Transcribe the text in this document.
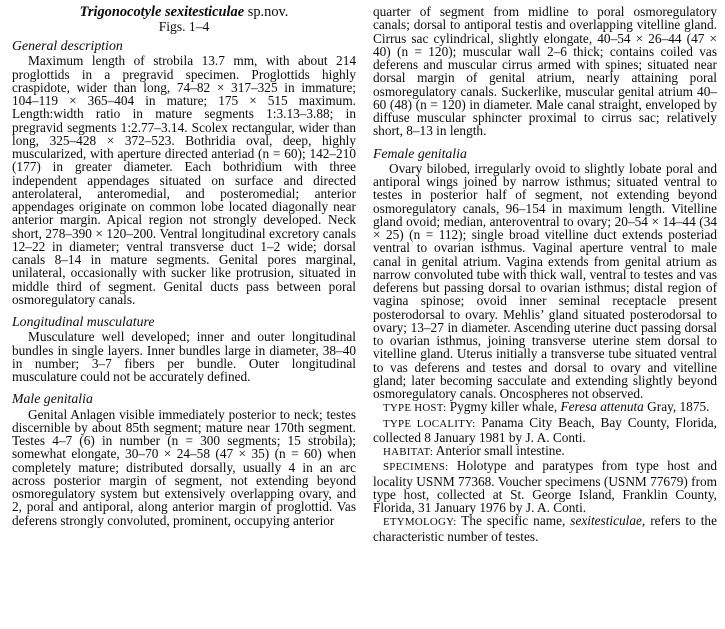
Trigonocotyle sexitesticulae sp.nov.
Figs. 1–4
General description

Maximum length of strobila 13.7 mm, with about 214 proglottids in a pregravid specimen. Proglottids highly craspidote, wider than long, 74–82 × 317–325 in immature; 104–119 × 365–404 in mature; 175 × 515 maximum. Length:width ratio in mature segments 1:3.13–3.88; in pregravid segments 1:2.77–3.14. Scolex rectangular, wider than long, 325–428 × 372–523. Bothridia oval, deep, highly muscularized, with aperture directed anteriad (n = 60); 142–210 (177) in greater diameter. Each bothridium with three independent appendages situated on surface and directed anterolateral, anteromedial, and posteromedial; anterior appendages originate on common lobe located diagonally near anterior margin. Apical region not strongly developed. Neck short, 278–390 × 120–200. Ventral longitudinal excretory canals 12–22 in diameter; ventral transverse duct 1–2 wide; dorsal canals 8–14 in mature segments. Genital pores marginal, unilateral, occasionally with sucker like protrusion, situated in middle third of segment. Genital ducts pass between poral osmoregulatory canals.

Longitudinal musculature

Musculature well developed; inner and outer longitudinal bundles in single layers. Inner bundles large in diameter, 38–40 in number; 3–7 fibers per bundle. Outer longitudinal musculature could not be accurately defined.

Male genitalia

Genital Anlagen visible immediately posterior to neck; testes discernible by about 85th segment; mature near 170th segment. Testes 4–7 (6) in number (n = 300 segments; 15 strobila); somewhat elongate, 30–70 × 24–58 (47 × 35) (n = 60) when completely mature; distributed dorsally, usually 4 in an arc across posterior margin of segment, not extending beyond osmoregulatory system but extensively overlapping ovary, and 2, poral and antiporal, along anterior margin of proglottid. Vas deferens strongly convoluted, prominent, occupying anterior

quarter of segment from midline to poral osmoregulatory canals; dorsal to antiporal testis and overlapping vitelline gland. Cirrus sac cylindrical, slightly elongate, 40–54 × 26–44 (47 × 40) (n = 120); muscular wall 2–6 thick; contains coiled vas deferens and muscular cirrus armed with spines; situated near dorsal margin of genital atrium, nearly attaining poral osmoregulatory canals. Suckerlike, muscular genital atrium 40–60 (48) (n = 120) in diameter. Male canal straight, enveloped by diffuse muscular sphincter proximal to cirrus sac; relatively short, 8–13 in length.

Female genitalia

Ovary bilobed, irregularly ovoid to slightly lobate poral and antiporal wings joined by narrow isthmus; situated ventral to testes in posterior half of segment, not extending beyond osmoregulatory canals, 96–154 in maximum length. Vitelline gland ovoid; median, anteroventral to ovary; 20–54 × 14–44 (34 × 25) (n = 112); single broad vitelline duct extends posteriad ventral to ovarian isthmus. Vaginal aperture ventral to male canal in genital atrium. Vagina extends from genital atrium as narrow convoluted tube with thick wall, ventral to testes and vas deferens but passing dorsal to ovarian isthmus; distal region of vagina spinose; ovoid inner seminal receptacle present posterodorsal to ovary. Mehlis’ gland situated posterodorsal to ovary; 13–27 in diameter. Ascending uterine duct passing dorsal to ovarian isthmus, joining transverse uterine stem dorsal to vitelline gland. Uterus initially a transverse tube situated ventral to vas deferens and testes and dorsal to ovary and vitelline gland; later becoming sacculate and extending slightly beyond osmoregulatory canals. Oncospheres not observed.

TYPE HOST: Pygmy killer whale, Feresa attenuta Gray, 1875.

TYPE LOCALITY: Panama City Beach, Bay County, Florida, collected 8 January 1981 by J. A. Conti.

HABITAT: Anterior small intestine.

SPECIMENS: Holotype and paratypes from type host and locality USNM 77368. Voucher specimens (USNM 77679) from type host, collected at St. George Island, Franklin County, Florida, 31 January 1976 by J. A. Conti.

ETYMOLOGY: The specific name, sexitesticulae, refers to the characteristic number of testes.
